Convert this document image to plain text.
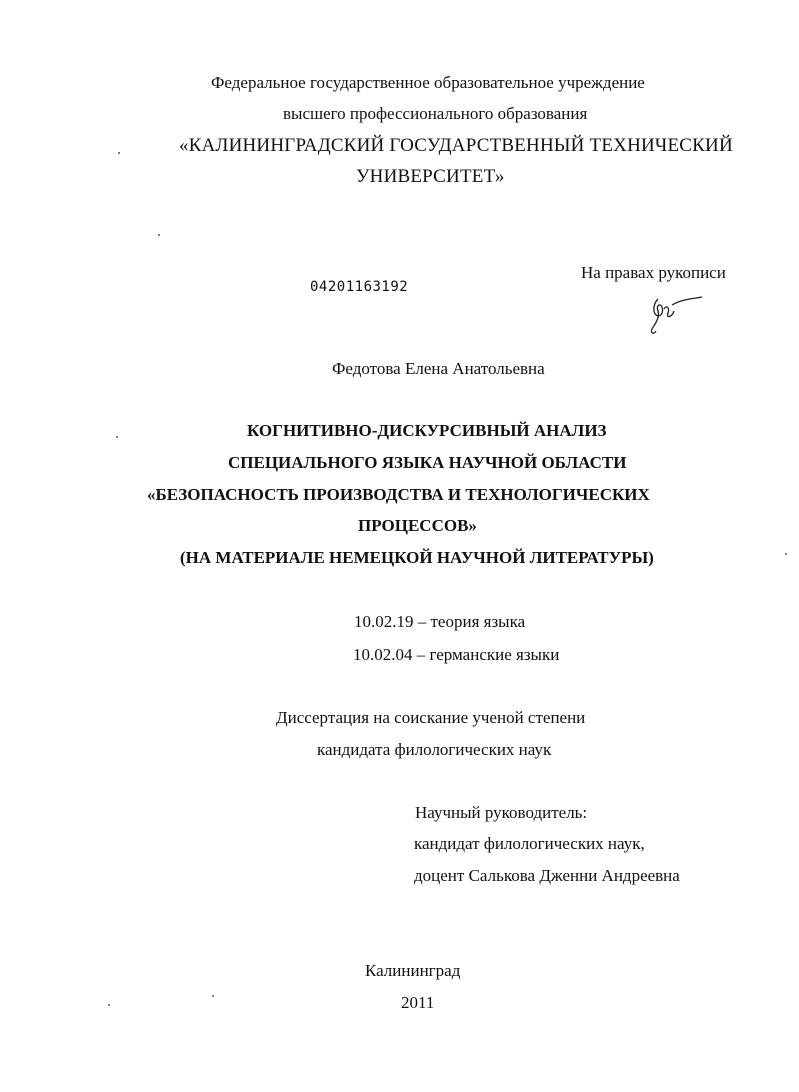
Федеральное государственное образовательное учреждение
высшего профессионального образования
«КАЛИНИНГРАДСКИЙ ГОСУДАРСТВЕННЫЙ ТЕХНИЧЕСКИЙ
УНИВЕРСИТЕТ»
04201163192
На правах рукописи
Федотова Елена Анатольевна
КОГНИТИВНО-ДИСКУРСИВНЫЙ АНАЛИЗ
СПЕЦИАЛЬНОГО ЯЗЫКА НАУЧНОЙ ОБЛАСТИ
«БЕЗОПАСНОСТЬ ПРОИЗВОДСТВА И ТЕХНОЛОГИЧЕСКИХ
ПРОЦЕССОВ»
(НА МАТЕРИАЛЕ НЕМЕЦКОЙ НАУЧНОЙ ЛИТЕРАТУРЫ)
10.02.19 – теория языка
10.02.04 – германские языки
Диссертация на соискание ученой степени
кандидата филологических наук
Научный руководитель:
кандидат филологических наук,
доцент Салькова Дженни Андреевна
Калининград
2011
